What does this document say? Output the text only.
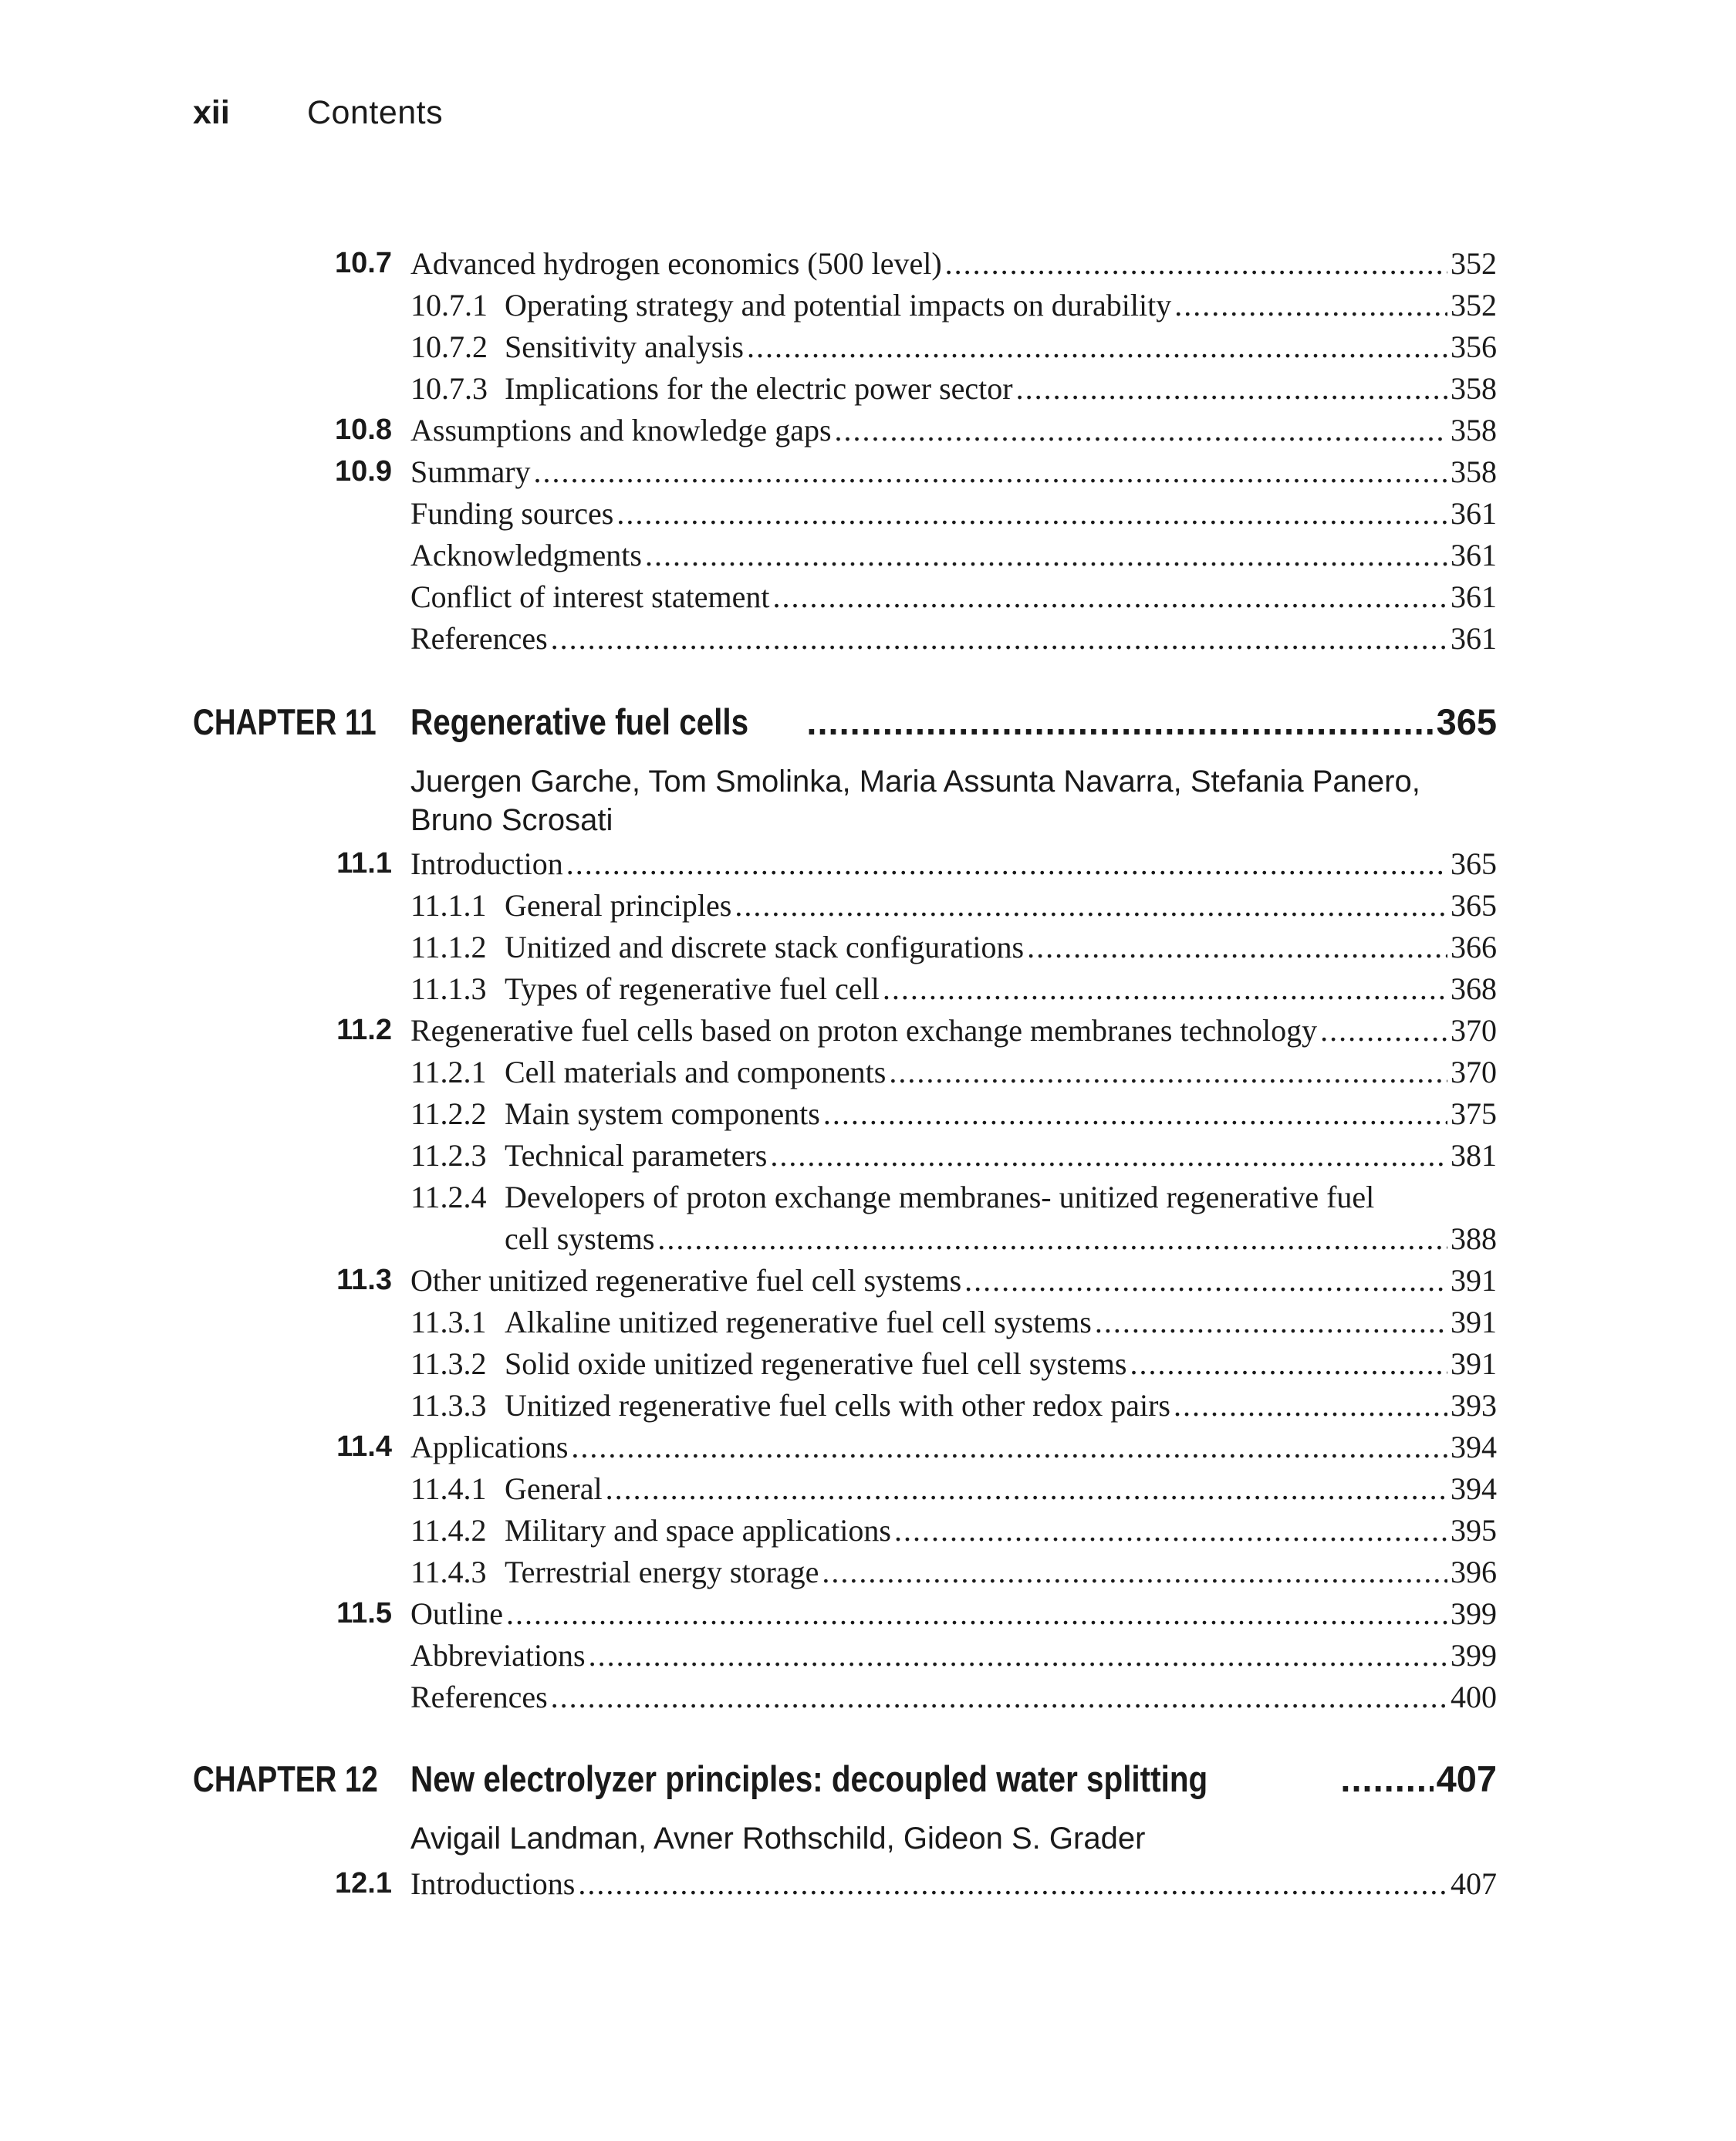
xii	Contents
10.7 Advanced hydrogen economics (500 level) .....	352
10.7.1 Operating strategy and potential impacts on durability .....	352
10.7.2 Sensitivity analysis .....	356
10.7.3 Implications for the electric power sector .....	358
10.8 Assumptions and knowledge gaps .....	358
10.9 Summary .....	358
Funding sources .....	361
Acknowledgments .....	361
Conflict of interest statement .....	361
References .....	361
CHAPTER 11 Regenerative fuel cells .....	365
Juergen Garche, Tom Smolinka, Maria Assunta Navarra, Stefania Panero,
Bruno Scrosati
11.1 Introduction .....	365
11.1.1 General principles .....	365
11.1.2 Unitized and discrete stack configurations .....	366
11.1.3 Types of regenerative fuel cell .....	368
11.2 Regenerative fuel cells based on proton exchange membranes technology .....	370
11.2.1 Cell materials and components .....	370
11.2.2 Main system components .....	375
11.2.3 Technical parameters .....	381
11.2.4 Developers of proton exchange membranes- unitized regenerative fuel
cell systems .....	388
11.3 Other unitized regenerative fuel cell systems .....	391
11.3.1 Alkaline unitized regenerative fuel cell systems .....	391
11.3.2 Solid oxide unitized regenerative fuel cell systems .....	391
11.3.3 Unitized regenerative fuel cells with other redox pairs .....	393
11.4 Applications .....	394
11.4.1 General .....	394
11.4.2 Military and space applications .....	395
11.4.3 Terrestrial energy storage .....	396
11.5 Outline .....	399
Abbreviations .....	399
References .....	400
CHAPTER 12 New electrolyzer principles: decoupled water splitting .....	407
Avigail Landman, Avner Rothschild, Gideon S. Grader
12.1 Introductions .....	407
